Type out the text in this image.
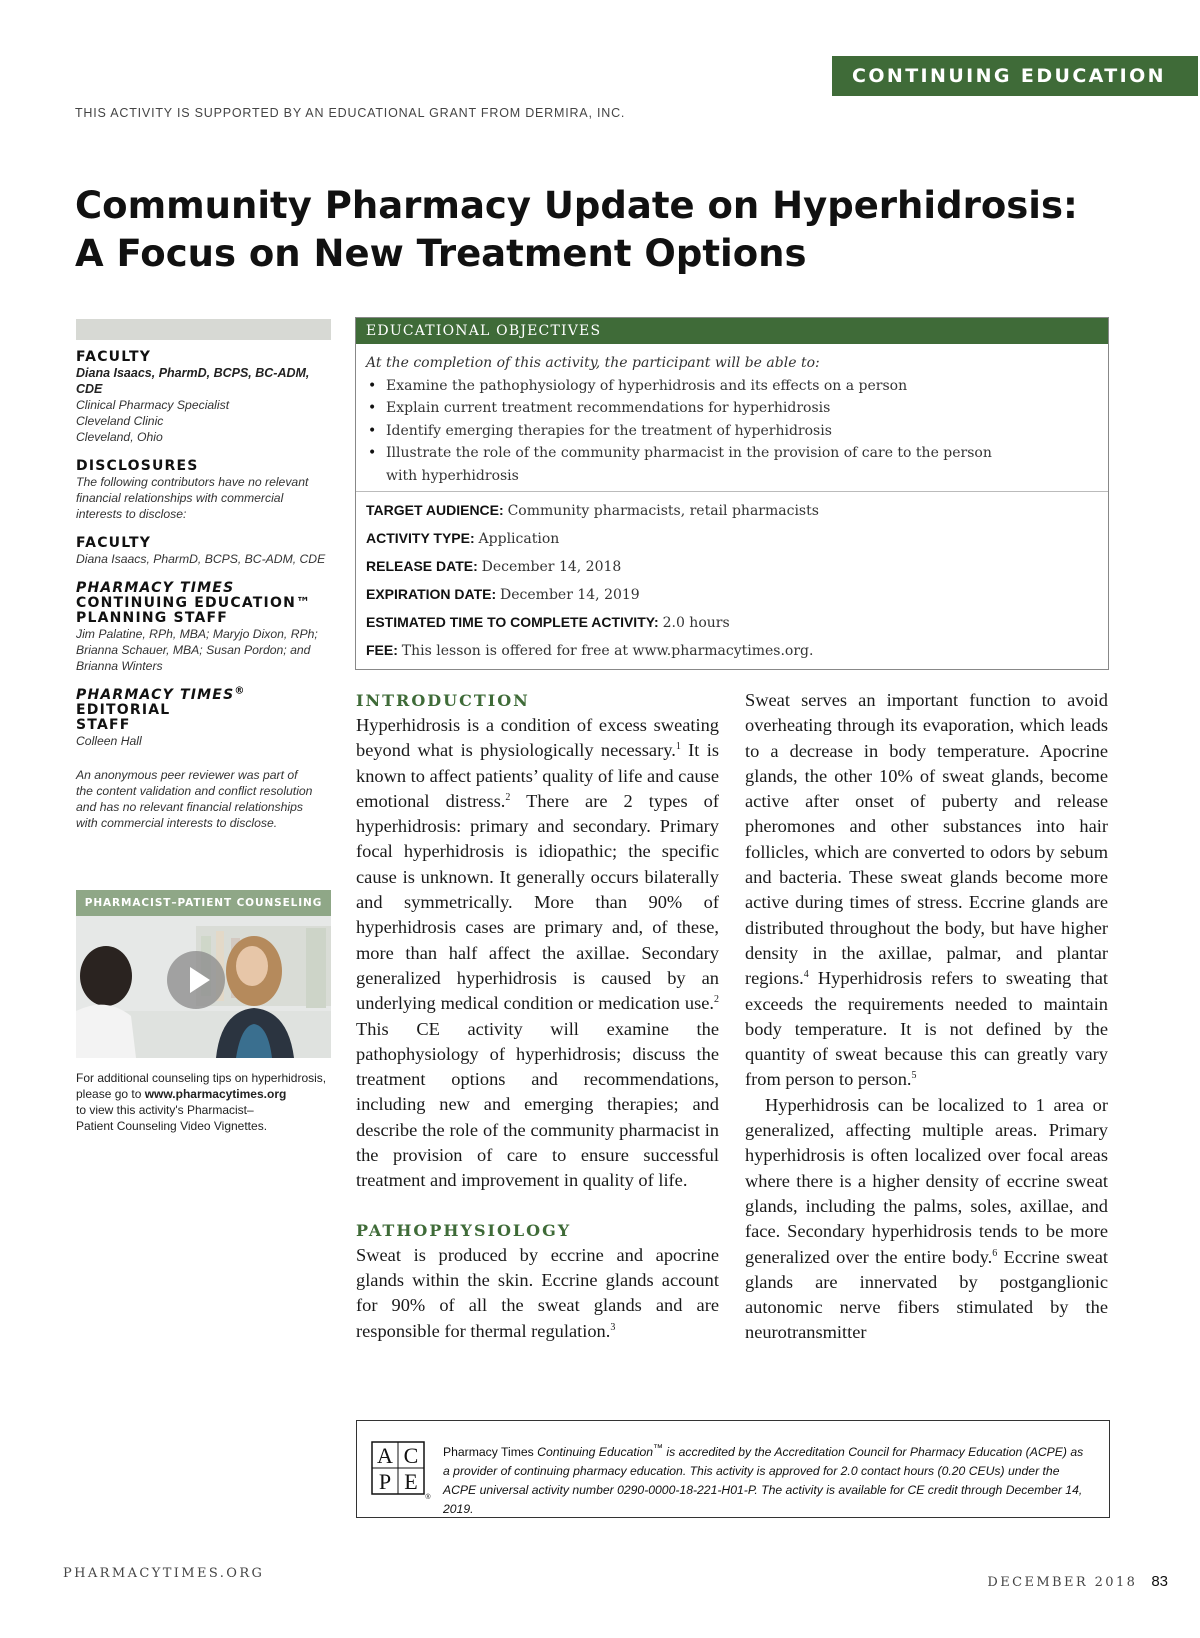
CONTINUING EDUCATION
THIS ACTIVITY IS SUPPORTED BY AN EDUCATIONAL GRANT FROM DERMIRA, INC.
Community Pharmacy Update on Hyperhidrosis:
A Focus on New Treatment Options
FACULTY
Diana Isaacs, PharmD, BCPS, BC-ADM,
CDE
Clinical Pharmacy Specialist
Cleveland Clinic
Cleveland, Ohio
DISCLOSURES
The following contributors have no relevant
financial relationships with commercial
interests to disclose:
FACULTY
Diana Isaacs, PharmD, BCPS, BC-ADM, CDE
PHARMACY TIMES
CONTINUING EDUCATION™
PLANNING STAFF
Jim Palatine, RPh, MBA; Maryjo Dixon, RPh;
Brianna Schauer, MBA; Susan Pordon; and
Brianna Winters
PHARMACY TIMES® EDITORIAL
STAFF
Colleen Hall
An anonymous peer reviewer was part of
the content validation and conflict resolution
and has no relevant financial relationships
with commercial interests to disclose.
PHARMACIST–PATIENT COUNSELING
For additional counseling tips on hyperhidrosis,
please go to www.pharmacytimes.org
to view this activity's Pharmacist–
Patient Counseling Video Vignettes.
EDUCATIONAL OBJECTIVES
At the completion of this activity, the participant will be able to:
• Examine the pathophysiology of hyperhidrosis and its effects on a person
• Explain current treatment recommendations for hyperhidrosis
• Identify emerging therapies for the treatment of hyperhidrosis
• Illustrate the role of the community pharmacist in the provision of care to the person
with hyperhidrosis
TARGET AUDIENCE: Community pharmacists, retail pharmacists
ACTIVITY TYPE: Application
RELEASE DATE: December 14, 2018
EXPIRATION DATE: December 14, 2019
ESTIMATED TIME TO COMPLETE ACTIVITY: 2.0 hours
FEE: This lesson is offered for free at www.pharmacytimes.org.
INTRODUCTION

Hyperhidrosis is a condition of excess sweating beyond what is physiologically necessary.$^1$ It is known to affect patients’ quality of life and cause emotional distress.$^2$ There are 2 types of hyperhidrosis: primary and secondary. Primary focal hyperhidrosis is idiopathic; the specific cause is unknown. It generally occurs bilaterally and symmetrically. More than 90% of hyperhidrosis cases are primary and, of these, more than half affect the axillae. Secondary generalized hyperhidrosis is caused by an underlying medical condition or medication use.$^2$ This CE activity will examine the pathophysiology of hyperhidrosis; discuss the treatment options and recommendations, including new and emerging therapies; and describe the role of the community pharmacist in the provision of care to ensure successful treatment and improvement in quality of life.

PATHOPHYSIOLOGY

Sweat is produced by eccrine and apocrine glands within the skin. Eccrine glands account for 90% of all the sweat glands and are responsible for thermal regulation.$^3$

Sweat serves an important function to avoid overheating through its evaporation, which leads to a decrease in body temperature. Apocrine glands, the other 10% of sweat glands, become active after onset of puberty and release pheromones and other substances into hair follicles, which are converted to odors by sebum and bacteria. These sweat glands become more active during times of stress. Eccrine glands are distributed throughout the body, but have higher density in the axillae, palmar, and plantar regions.$^4$ Hyperhidrosis refers to sweating that exceeds the requirements needed to maintain body temperature. It is not defined by the quantity of sweat because this can greatly vary from person to person.$^5$

Hyperhidrosis can be localized to 1 area or generalized, affecting multiple areas. Primary hyperhidrosis is often localized over focal areas where there is a higher density of eccrine sweat glands, including the palms, soles, axillae, and face. Secondary hyperhidrosis tends to be more generalized over the entire body.$^6$ Eccrine sweat glands are innervated by postganglionic autonomic nerve fibers stimulated by the neurotransmitter

A C
P E
®
Pharmacy Times Continuing Education™ is accredited by the Accreditation Council for Pharmacy Education (ACPE) as a provider of continuing pharmacy education. This activity is approved for 2.0 contact hours (0.20 CEUs) under the ACPE universal activity number 0290-0000-18-221-H01-P. The activity is available for CE credit through December 14, 2019.
PHARMACYTIMES.ORG
DECEMBER 2018 83
